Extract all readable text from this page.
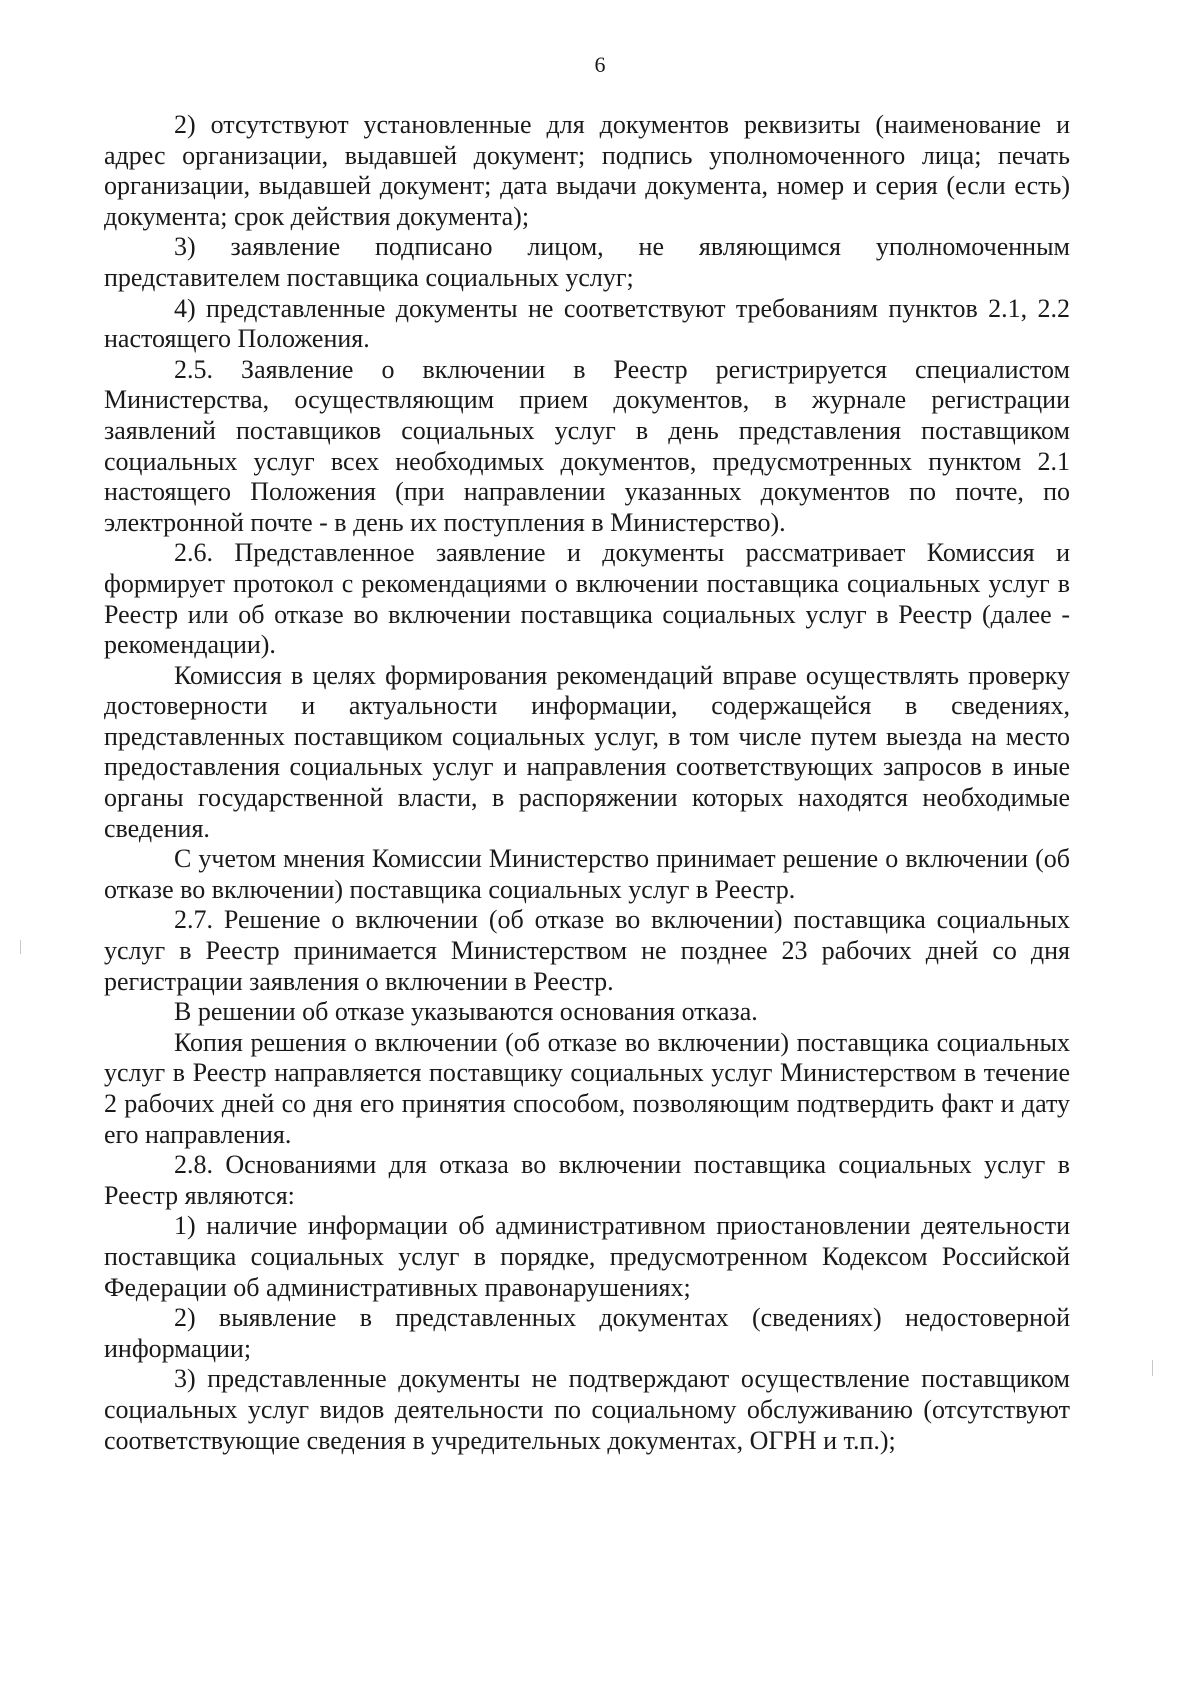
6

2) отсутствуют установленные для документов реквизиты (наименование и адрес организации, выдавшей документ; подпись уполномоченного лица; печать организации, выдавшей документ; дата выдачи документа, номер и серия (если есть) документа; срок действия документа);

3) заявление подписано лицом, не являющимся уполномоченным представителем поставщика социальных услуг;

4) представленные документы не соответствуют требованиям пунктов 2.1, 2.2 настоящего Положения.

2.5. Заявление о включении в Реестр регистрируется специалистом Министерства, осуществляющим прием документов, в журнале регистрации заявлений поставщиков социальных услуг в день представления поставщиком социальных услуг всех необходимых документов, предусмотренных пунктом 2.1 настоящего Положения (при направлении указанных документов по почте, по электронной почте - в день их поступления в Министерство).

2.6. Представленное заявление и документы рассматривает Комиссия и формирует протокол с рекомендациями о включении поставщика социальных услуг в Реестр или об отказе во включении поставщика социальных услуг в Реестр (далее - рекомендации).

Комиссия в целях формирования рекомендаций вправе осуществлять проверку достоверности и актуальности информации, содержащейся в сведениях, представленных поставщиком социальных услуг, в том числе путем выезда на место предоставления социальных услуг и направления соответствующих запросов в иные органы государственной власти, в распоряжении которых находятся необходимые сведения.

С учетом мнения Комиссии Министерство принимает решение о включении (об отказе во включении) поставщика социальных услуг в Реестр.

2.7. Решение о включении (об отказе во включении) поставщика социальных услуг в Реестр принимается Министерством не позднее 23 рабочих дней со дня регистрации заявления о включении в Реестр.

В решении об отказе указываются основания отказа.

Копия решения о включении (об отказе во включении) поставщика социальных услуг в Реестр направляется поставщику социальных услуг Министерством в течение 2 рабочих дней со дня его принятия способом, позволяющим подтвердить факт и дату его направления.

2.8. Основаниями для отказа во включении поставщика социальных услуг в Реестр являются:

1) наличие информации об административном приостановлении деятельности поставщика социальных услуг в порядке, предусмотренном Кодексом Российской Федерации об административных правонарушениях;

2) выявление в представленных документах (сведениях) недостоверной информации;

3) представленные документы не подтверждают осуществление поставщиком социальных услуг видов деятельности по социальному обслуживанию (отсутствуют соответствующие сведения в учредительных документах, ОГРН и т.п.);
